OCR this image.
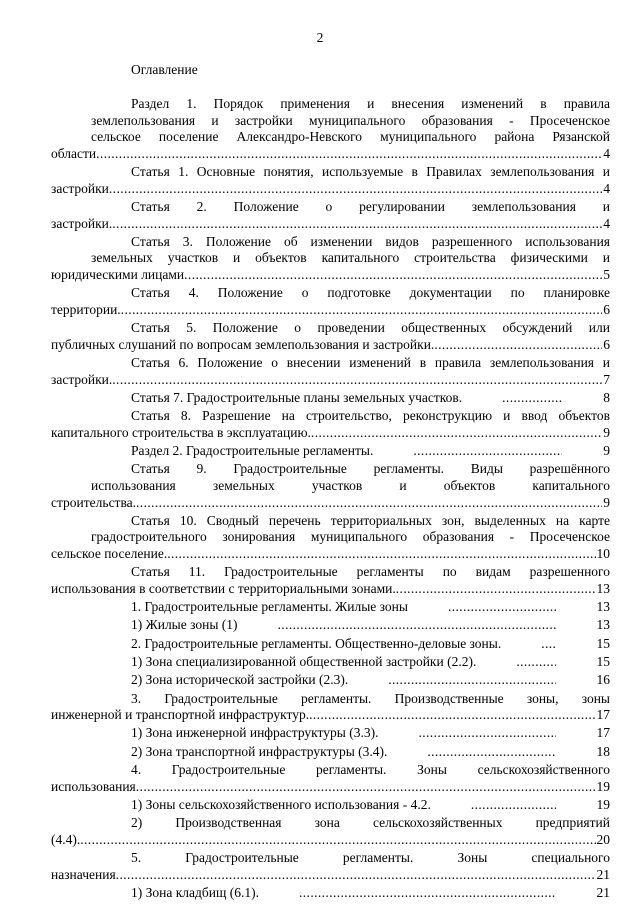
2
Оглавление
Раздел 1. Порядок применения и внесения изменений в правила
землепользования и застройки муниципального образования - Просеченское
сельское поселение Александро-Невского муниципального района Рязанской
области .....	4
Статья 1. Основные понятия, используемые в Правилах землепользования и
застройки .....	4
Статья 2. Положение о регулировании землепользования и
застройки. .....	4
Статья 3. Положение об изменении видов разрешенного использования
земельных участков и объектов капитального строительства физическими и
юридическими лицами .....	5
Статья 4. Положение о подготовке документации по планировке
территории. .....	6
Статья 5. Положение о проведении общественных обсуждений или
публичных слушаний по вопросам землепользования и застройки. .....	6
Статья 6. Положение о внесении изменений в правила землепользования и
застройки. .....	7
Статья 7. Градостроительные планы земельных участков. .....	8
Статья 8. Разрешение на строительство, реконструкцию и ввод объектов
капитального строительства в эксплуатацию. .....	9
Раздел 2. Градостроительные регламенты. .....	9
Статья 9. Градостроительные регламенты. Виды разрешённого
использования земельных участков и объектов капитального
строительства. .....	9
Статья 10. Сводный перечень территориальных зон, выделенных на карте
градостроительного зонирования муниципального образования - Просеченское
сельское поселение. .....	10
Статья 11. Градостроительные регламенты по видам разрешенного
использования в соответствии с территориальными зонами. .....	13
1. Градостроительные регламенты. Жилые зоны .....	13
1) Жилые зоны (1) .....	13
2. Градостроительные регламенты. Общественно-деловые зоны. .....	15
1) Зона специализированной общественной застройки (2.2). .....	15
2) Зона исторической застройки (2.3). .....	16
3. Градостроительные регламенты. Производственные зоны, зоны
инженерной и транспортной инфраструктур. .....	17
1) Зона инженерной инфраструктуры (3.3). .....	17
2) Зона транспортной инфраструктуры (3.4). .....	18
4. Градостроительные регламенты. Зоны сельскохозяйственного
использования .....	19
1) Зоны сельскохозяйственного использования - 4.2. .....	19
2) Производственная зона сельскохозяйственных предприятий
(4.4). .....	20
5. Градостроительные регламенты. Зоны специального
назначения .....	21
1) Зона кладбищ (6.1). .....	21
